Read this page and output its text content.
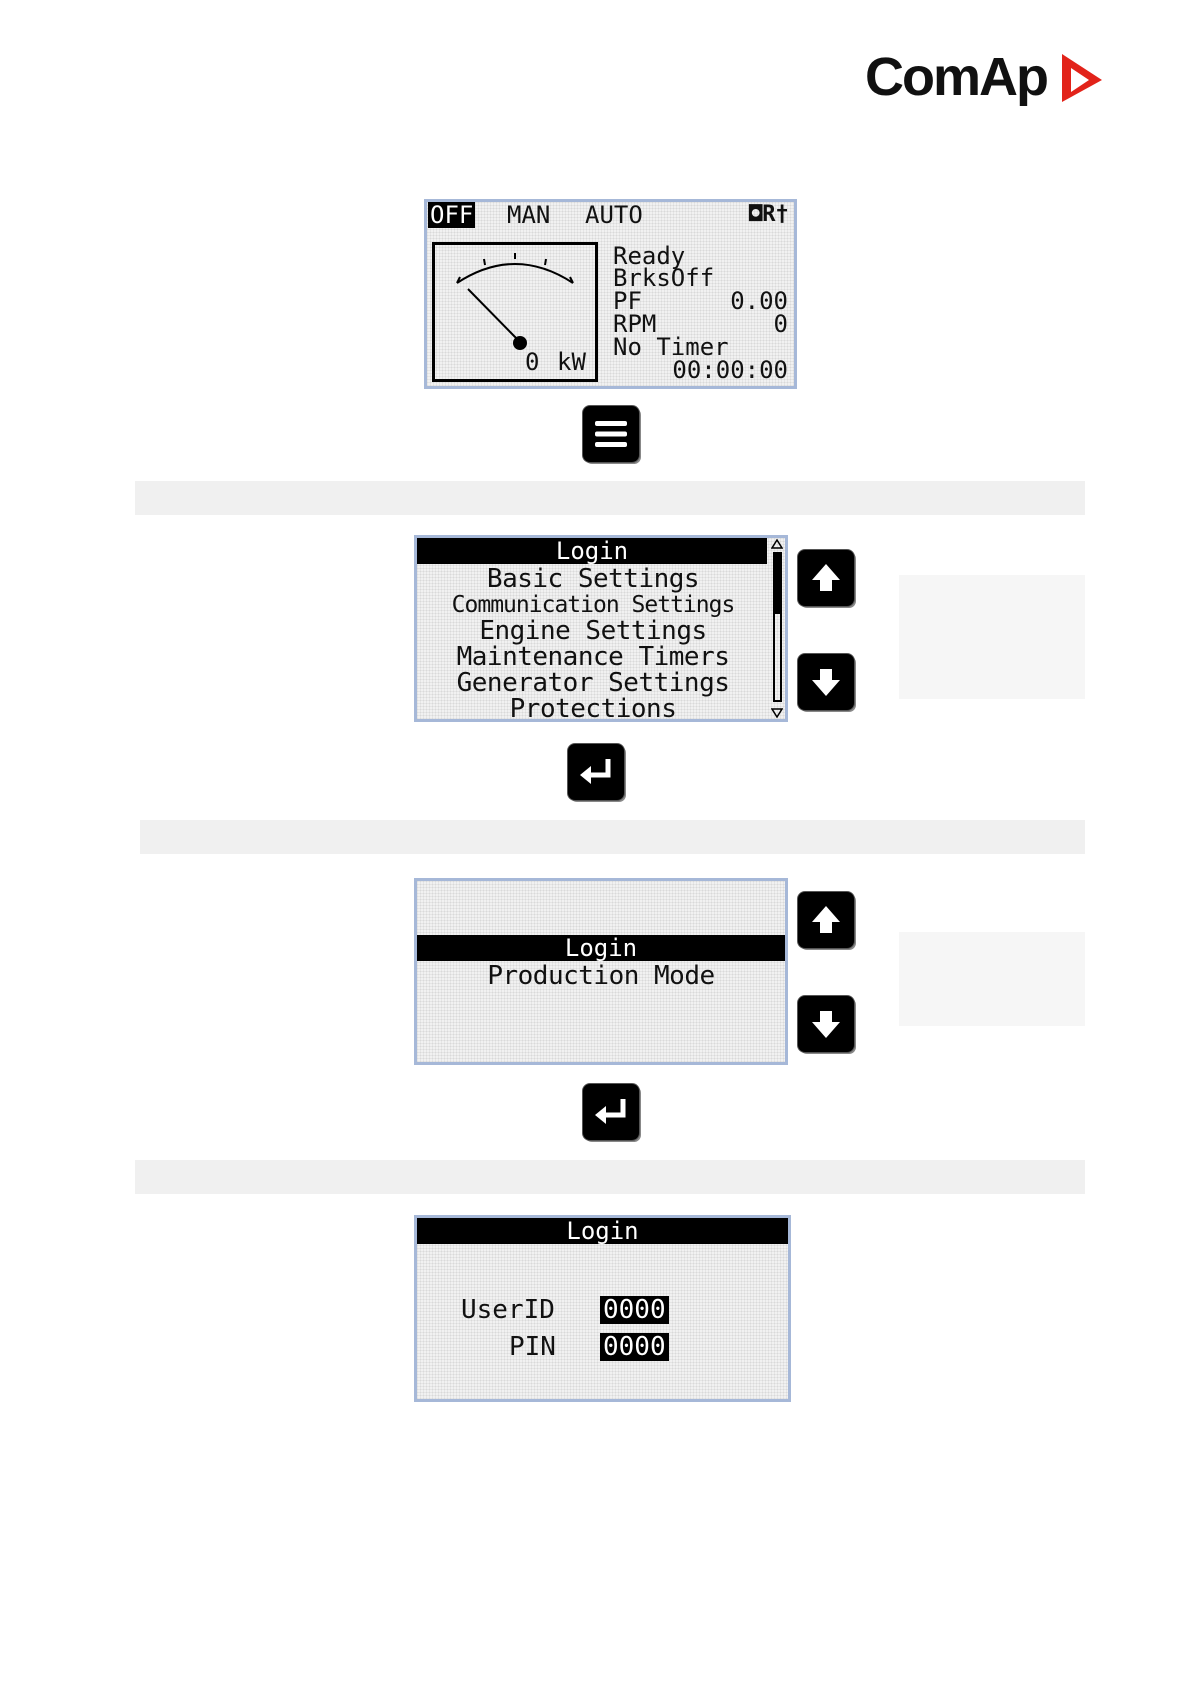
ComAp
OFF MAN AUTO	◘R†
0 kW
Ready
BrksOff
PF	0.00
RPM	0
No Timer
00:00:00
Login
Basic Settings
Communication Settings
Engine Settings
Maintenance Timers
Generator Settings
Protections
Login
Production Mode
Login
UserID 0000
PIN 0000
